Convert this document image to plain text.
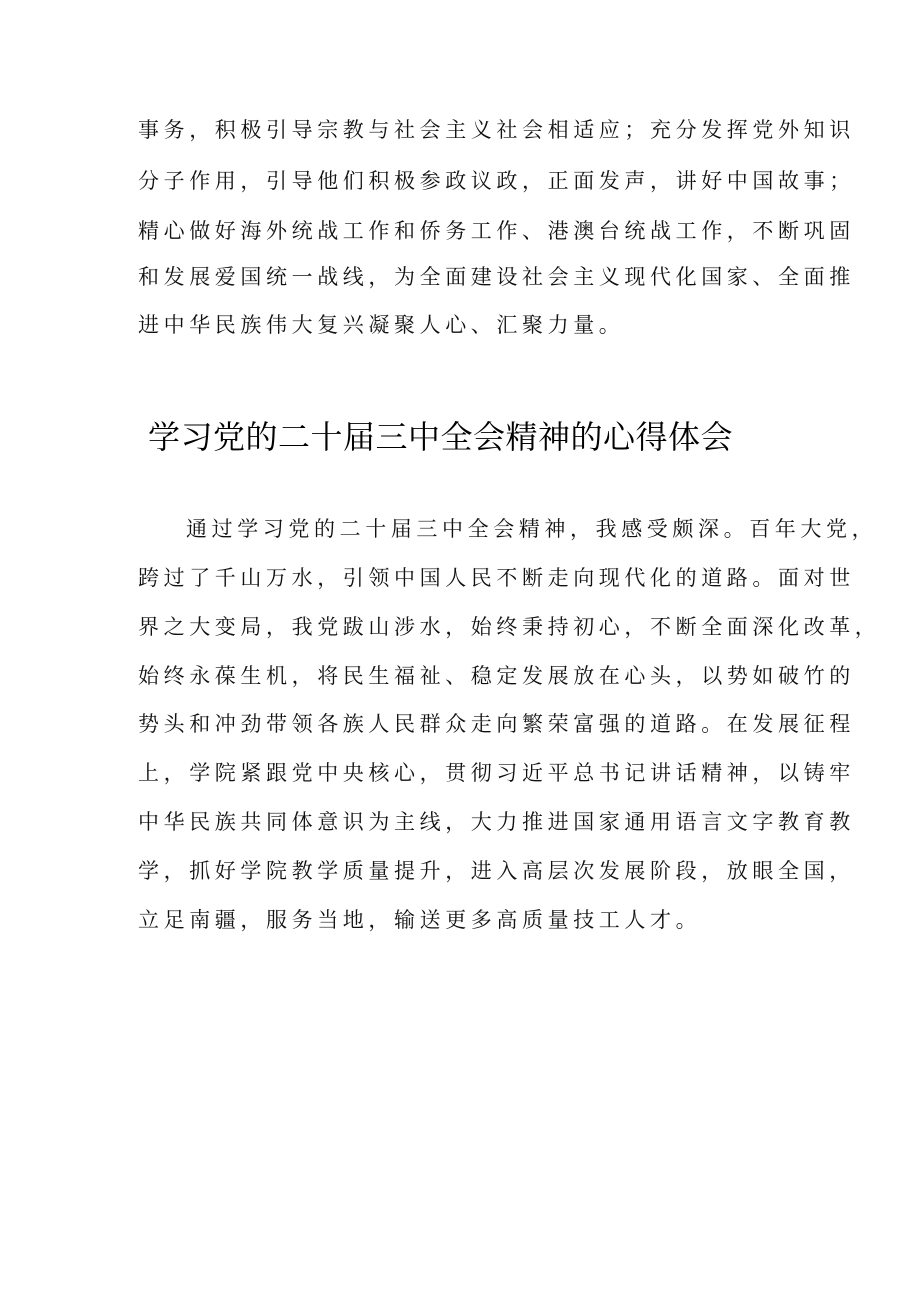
事务，积极引导宗教与社会主义社会相适应；充分发挥党外知识
分子作用，引导他们积极参政议政，正面发声，讲好中国故事；
精心做好海外统战工作和侨务工作、港澳台统战工作，不断巩固
和发展爱国统一战线，为全面建设社会主义现代化国家、全面推
进中华民族伟大复兴凝聚人心、汇聚力量。
学习党的二十届三中全会精神的心得体会
通过学习党的二十届三中全会精神，我感受颇深。百年大党，
跨过了千山万水，引领中国人民不断走向现代化的道路。面对世
界之大变局，我党跋山涉水，始终秉持初心，不断全面深化改革，
始终永葆生机，将民生福祉、稳定发展放在心头，以势如破竹的
势头和冲劲带领各族人民群众走向繁荣富强的道路。在发展征程
上，学院紧跟党中央核心，贯彻习近平总书记讲话精神，以铸牢
中华民族共同体意识为主线，大力推进国家通用语言文字教育教
学，抓好学院教学质量提升，进入高层次发展阶段，放眼全国，
立足南疆，服务当地，输送更多高质量技工人才。
